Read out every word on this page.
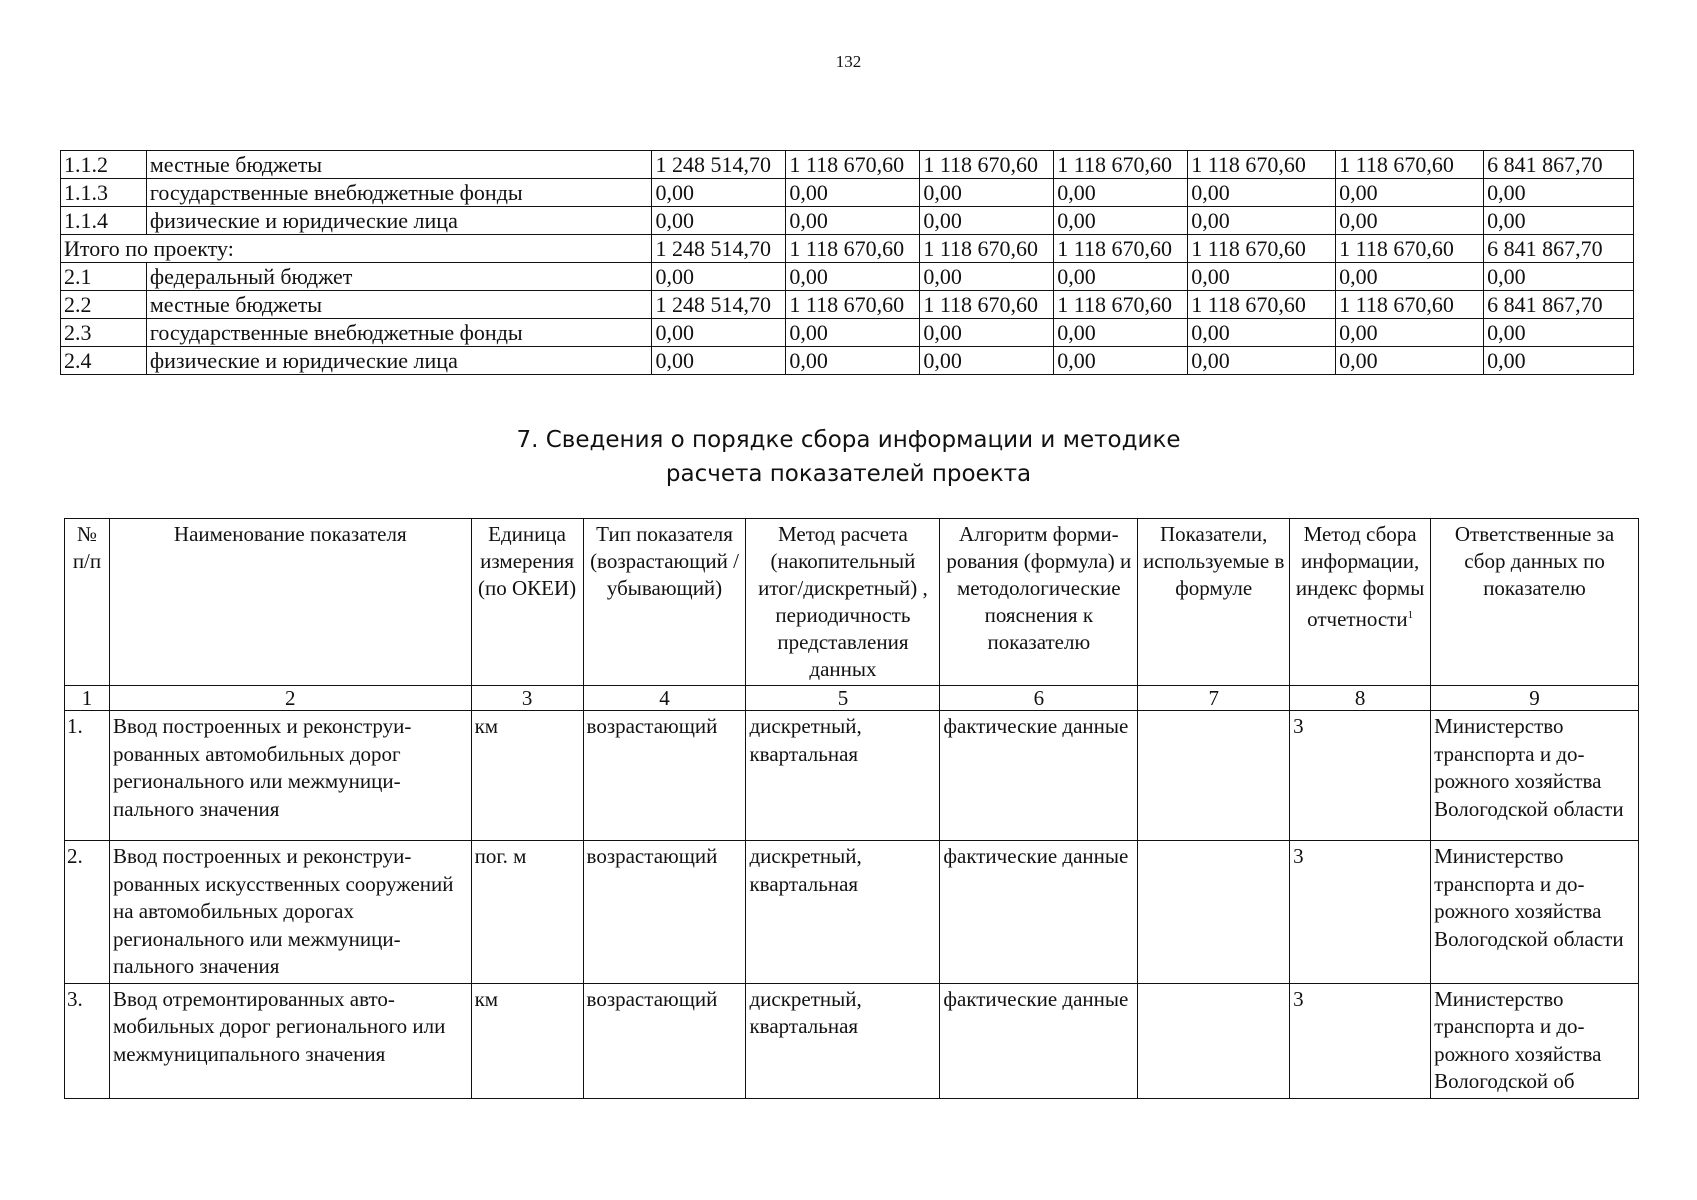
132
1.1.2	местные бюджеты	1 248 514,70	1 118 670,60	1 118 670,60	1 118 670,60	1 118 670,60	1 118 670,60	6 841 867,70
1.1.3	государственные внебюджетные фонды	0,00	0,00	0,00	0,00	0,00	0,00	0,00
1.1.4	физические и юридические лица	0,00	0,00	0,00	0,00	0,00	0,00	0,00
Итого по проекту:		1 248 514,70	1 118 670,60	1 118 670,60	1 118 670,60	1 118 670,60	1 118 670,60	6 841 867,70
2.1	федеральный бюджет	0,00	0,00	0,00	0,00	0,00	0,00	0,00
2.2	местные бюджеты	1 248 514,70	1 118 670,60	1 118 670,60	1 118 670,60	1 118 670,60	1 118 670,60	6 841 867,70
2.3	государственные внебюджетные фонды	0,00	0,00	0,00	0,00	0,00	0,00	0,00
2.4	физические и юридические лица	0,00	0,00	0,00	0,00	0,00	0,00	0,00
7. Сведения о порядке сбора информации и методике
расчета показателей проекта
№ п/п	Наименование показателя	Единица измерения (по ОКЕИ)	Тип показателя (возрастающий / убывающий)	Метод расчета (накопительный итог/дискретный) , периодичность представления данных	Алгоритм формирования (формула) и методологические пояснения к показателю	Показатели, используемые в формуле	Метод сбора информации, индекс формы отчетности$^1$	Ответственные за сбор данных по показателю
1	2	3	4	5	6	7	8	9
1.	Ввод построенных и реконструированных автомобильных дорог регионального или межмуниципального значения	км	возрастающий	дискретный, квартальная	фактические данные		3	Министерство транспорта и дорожного хозяйства Вологодской области
2.	Ввод построенных и реконструированных искусственных сооружений на автомобильных дорогах регионального или межмуниципального значения	пог. м	возрастающий	дискретный, квартальная	фактические данные		3	Министерство транспорта и дорожного хозяйства Вологодской области
3.	Ввод отремонтированных автомобильных дорог регионального или межмуниципального значения	км	возрастающий	дискретный, квартальная	фактические данные		3	Министерство транспорта и дорожного хозяйства Вологодской об
